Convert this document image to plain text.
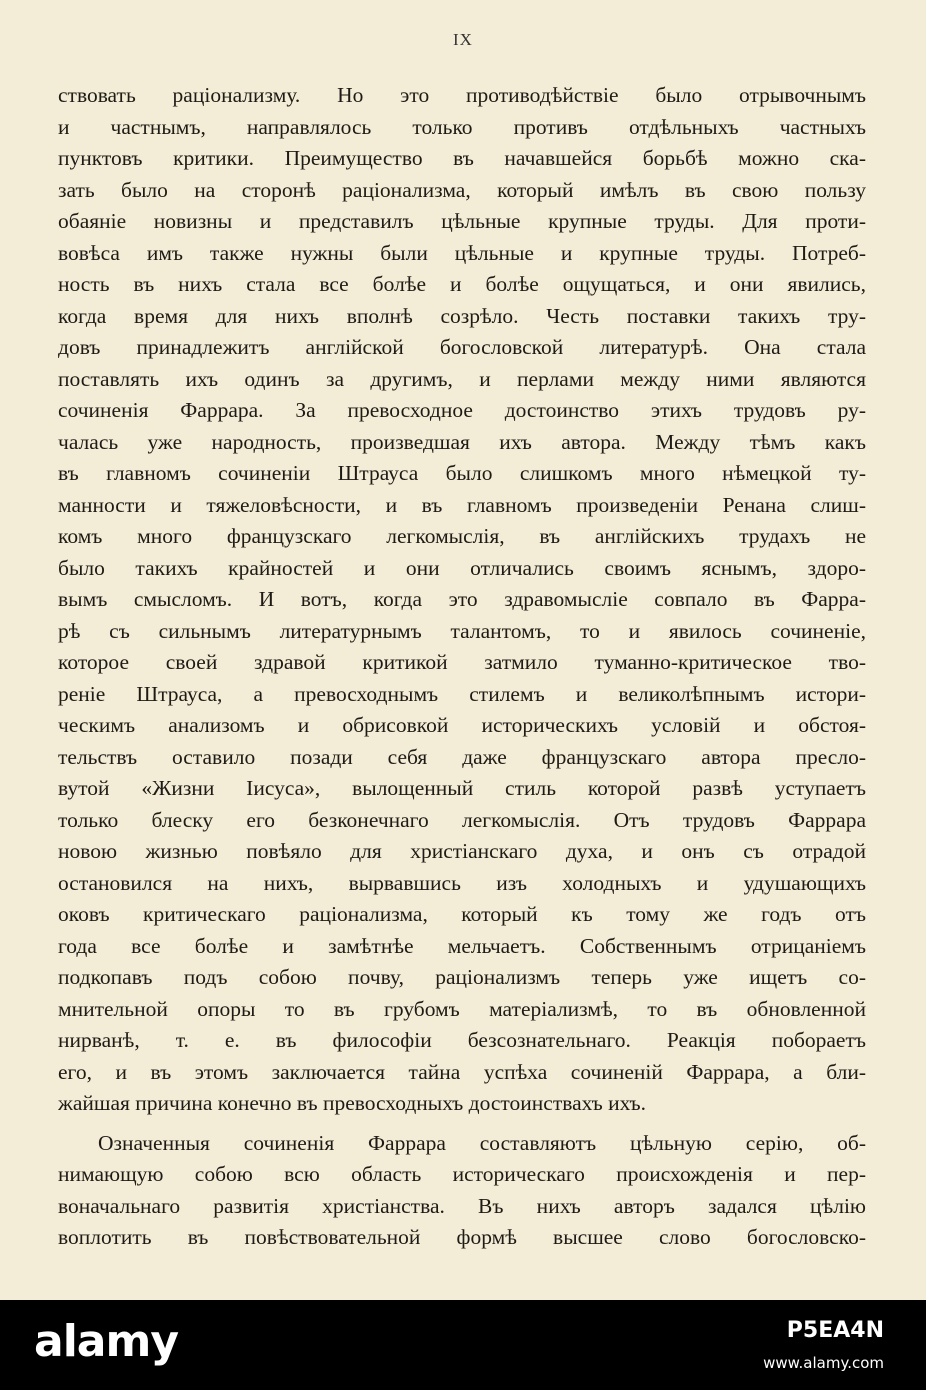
IX
ствовать раціонализму. Но это противодѣйствіе было отрывочнымъ
и частнымъ, направлялось только противъ отдѣльныхъ частныхъ
пунктовъ критики. Преимущество въ начавшейся борьбѣ можно ска-
зать было на сторонѣ раціонализма, который имѣлъ въ свою пользу
обаяніе новизны и представилъ цѣльные крупные труды. Для проти-
вовѣса имъ также нужны были цѣльные и крупные труды. Потреб-
ность въ нихъ стала все болѣе и болѣе ощущаться, и они явились,
когда время для нихъ вполнѣ созрѣло. Честь поставки такихъ тру-
довъ принадлежитъ англійской богословской литературѣ. Она стала
поставлять ихъ одинъ за другимъ, и перлами между ними являются
сочиненія Фаррара. За превосходное достоинство этихъ трудовъ ру-
чалась уже народность, произведшая ихъ автора. Между тѣмъ какъ
въ главномъ сочиненіи Штрауса было слишкомъ много нѣмецкой ту-
манности и тяжеловѣсности, и въ главномъ произведеніи Ренана слиш-
комъ много французскаго легкомыслія, въ англійскихъ трудахъ не
было такихъ крайностей и они отличались своимъ яснымъ, здоро-
вымъ смысломъ. И вотъ, когда это здравомысліе совпало въ Фарра-
рѣ съ сильнымъ литературнымъ талантомъ, то и явилось сочиненіе,
которое своей здравой критикой затмило туманно-критическое тво-
реніе Штрауса, а превосходнымъ стилемъ и великолѣпнымъ истори-
ческимъ анализомъ и обрисовкой историческихъ условій и обстоя-
тельствъ оставило позади себя даже французскаго автора пресло-
вутой «Жизни Іисуса», вылощенный стиль которой развѣ уступаетъ
только блеску его безконечнаго легкомыслія. Отъ трудовъ Фаррара
новою жизнью повѣяло для христіанскаго духа, и онъ съ отрадой
остановился на нихъ, вырвавшись изъ холодныхъ и удушающихъ
оковъ критическаго раціонализма, который къ тому же годъ отъ
года все болѣе и замѣтнѣе мельчаетъ. Собственнымъ отрицаніемъ
подкопавъ подъ собою почву, раціонализмъ теперь уже ищетъ со-
мнительной опоры то въ грубомъ матеріализмѣ, то въ обновленной
нирванѣ, т. е. въ философіи безсознательнаго. Реакція побораетъ
его, и въ этомъ заключается тайна успѣха сочиненій Фаррара, а бли-
жайшая причина конечно въ превосходныхъ достоинствахъ ихъ.
Означенныя сочиненія Фаррара составляютъ цѣльную серію, об-
нимающую собою всю область историческаго происхожденія и пер-
воначальнаго развитія христіанства. Въ нихъ авторъ задался цѣлію
воплотить въ повѣствовательной формѣ высшее слово богословско-
alamy	P5EA4N
www.alamy.com
